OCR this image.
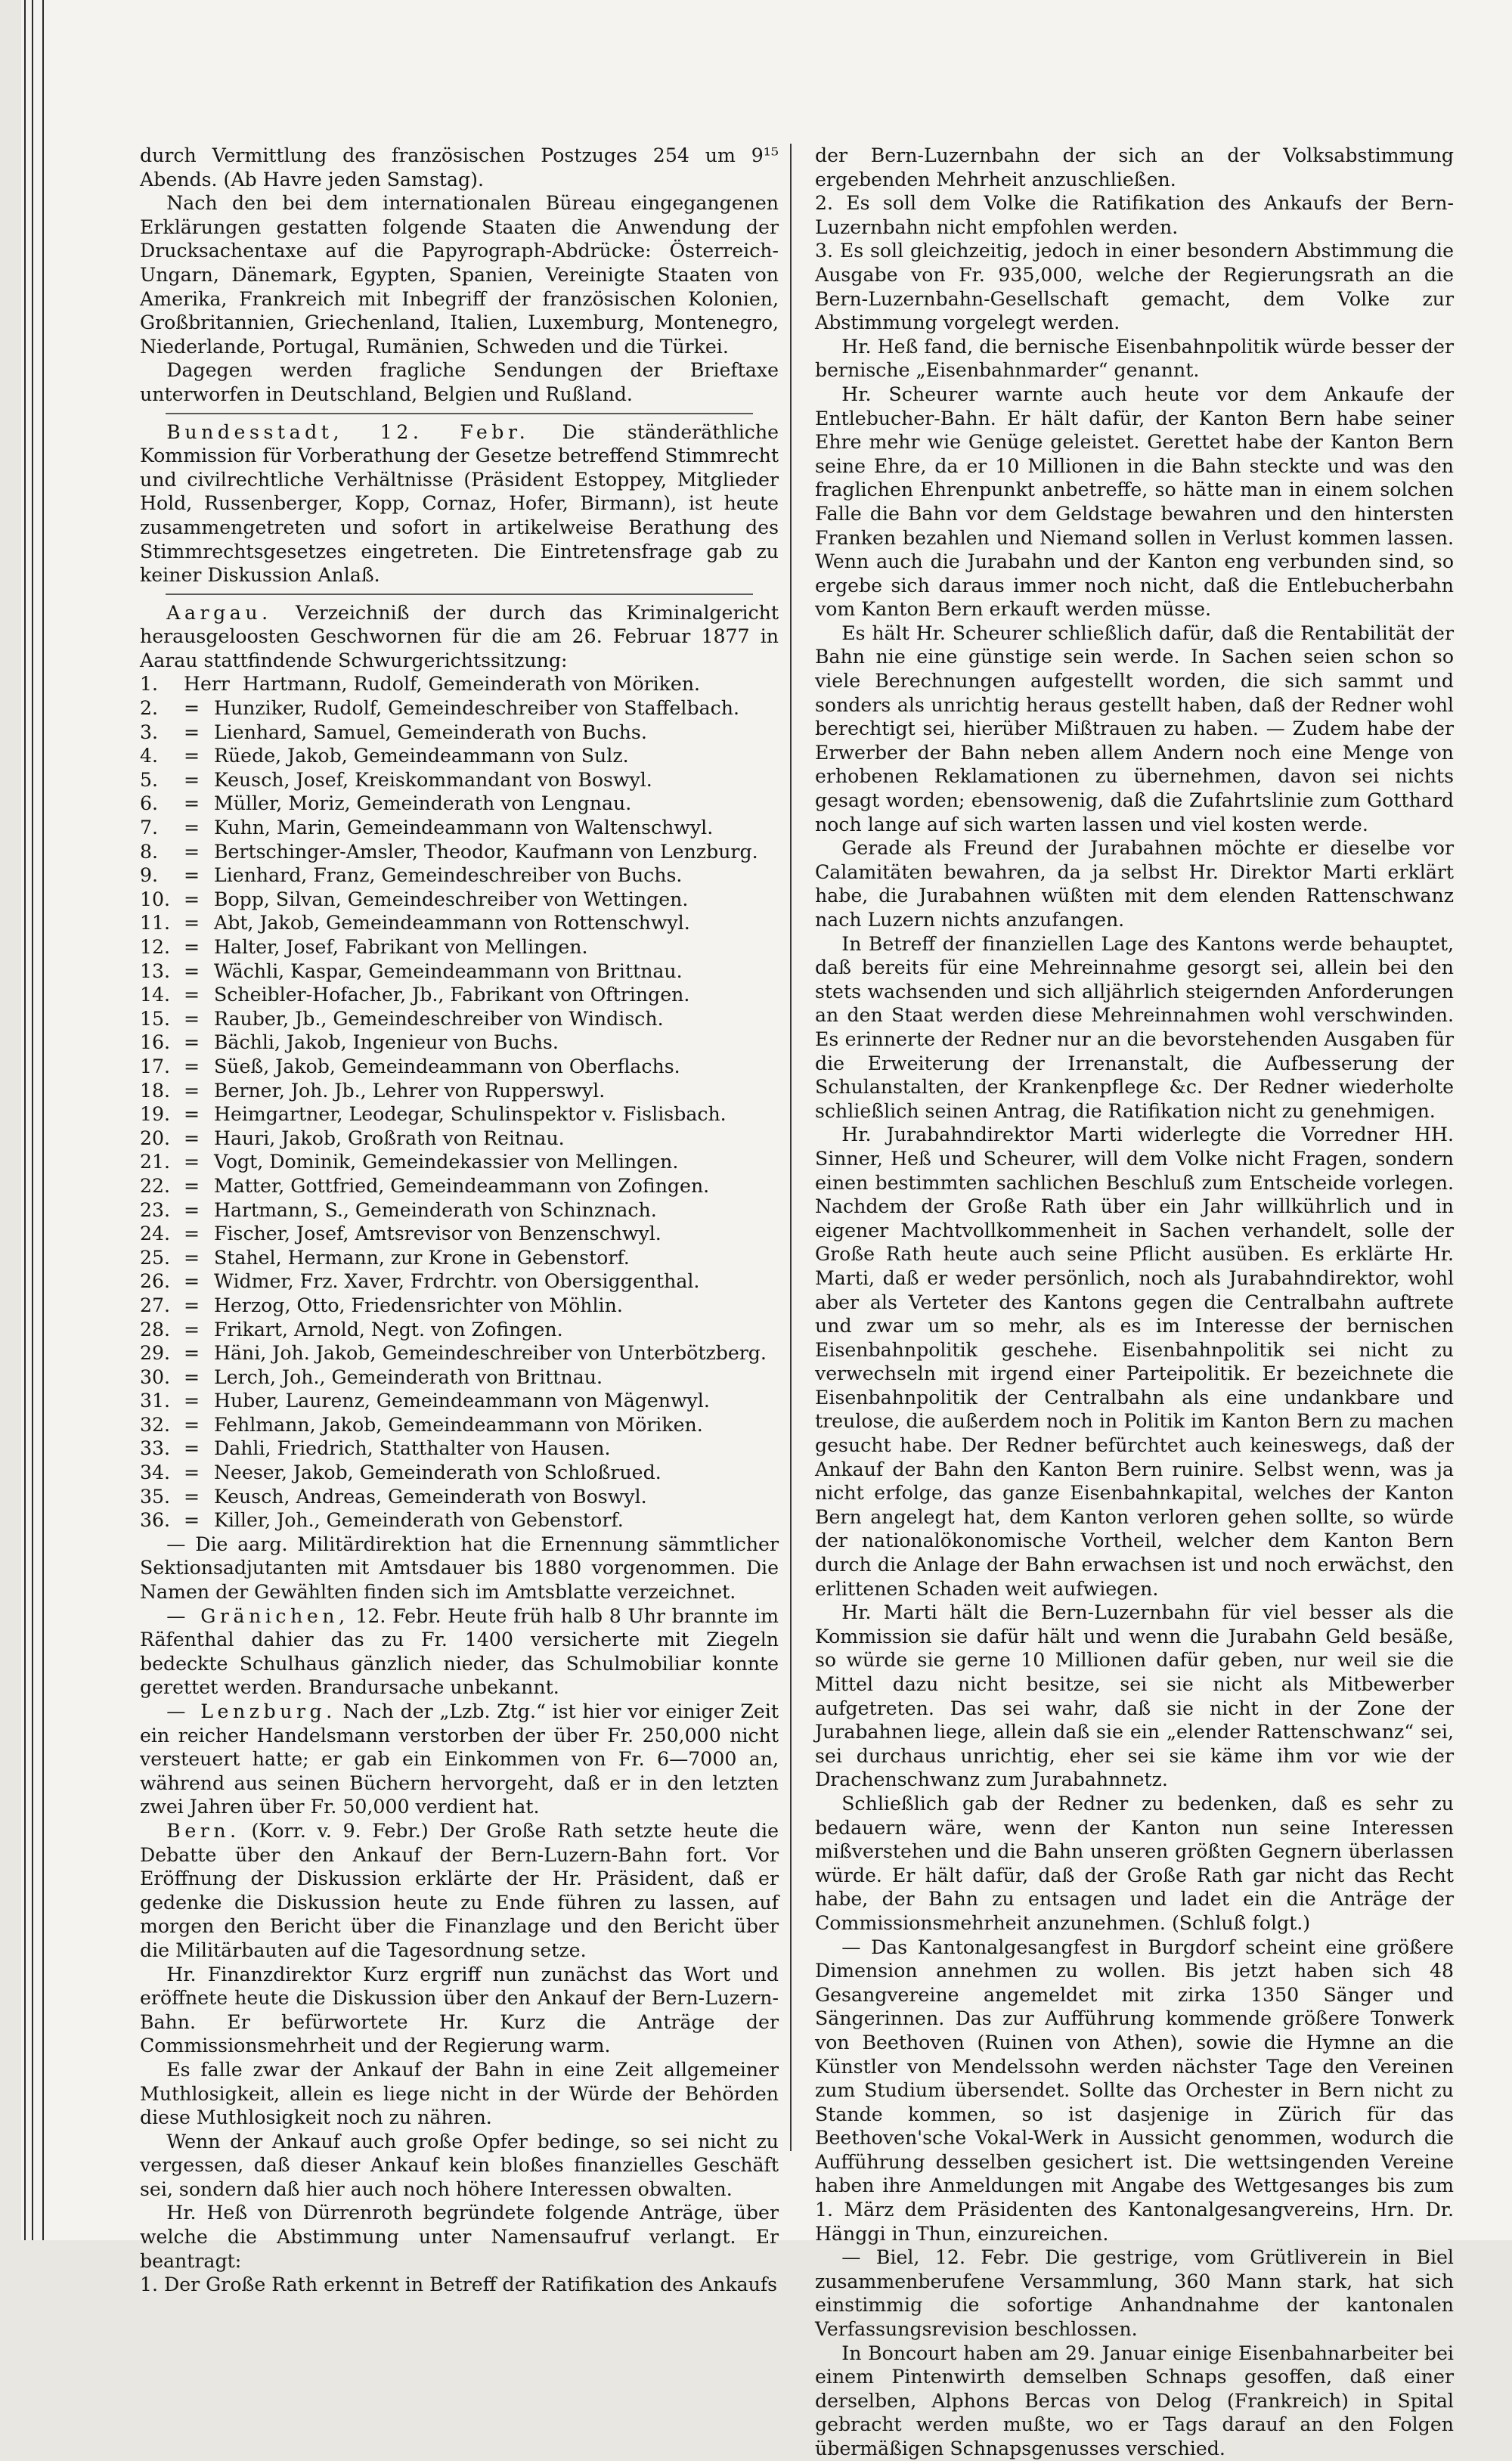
durch Vermittlung des französischen Postzuges 254 um 9¹⁵ Abends. (Ab Havre jeden Samstag).

Nach den bei dem internationalen Büreau eingegangenen Erklärungen gestatten folgende Staaten die Anwendung der Drucksachentaxe auf die Papyrograph-Abdrücke: Österreich-Ungarn, Dänemark, Egypten, Spanien, Vereinigte Staaten von Amerika, Frankreich mit Inbegriff der französischen Kolonien, Großbritannien, Griechenland, Italien, Luxemburg, Montenegro, Niederlande, Portugal, Rumänien, Schweden und die Türkei.

Dagegen werden fragliche Sendungen der Brieftaxe unterworfen in Deutschland, Belgien und Rußland.

Bundesstadt, 12. Febr. Die ständeräthliche Kommission für Vorberathung der Gesetze betreffend Stimmrecht und civilrechtliche Verhältnisse (Präsident Estoppey, Mitglieder Hold, Russenberger, Kopp, Cornaz, Hofer, Birmann), ist heute zusammengetreten und sofort in artikelweise Berathung des Stimmrechtsgesetzes eingetreten. Die Eintretensfrage gab zu keiner Diskussion Anlaß.

Aargau. Verzeichniß der durch das Kriminalgericht herausgeloosten Geschwornen für die am 26. Februar 1877 in Aarau stattfindende Schwurgerichtssitzung:

1.	Herr Hartmann, Rudolf, Gemeinderath von Möriken.
2.	= Hunziker, Rudolf, Gemeindeschreiber von Staffelbach.
3.	= Lienhard, Samuel, Gemeinderath von Buchs.
4.	= Rüede, Jakob, Gemeindeammann von Sulz.
5.	= Keusch, Josef, Kreiskommandant von Boswyl.
6.	= Müller, Moriz, Gemeinderath von Lengnau.
7.	= Kuhn, Marin, Gemeindeammann von Waltenschwyl.
8.	= Bertschinger-Amsler, Theodor, Kaufmann von Lenzburg.
9.	= Lienhard, Franz, Gemeindeschreiber von Buchs.
10. = Bopp, Silvan, Gemeindeschreiber von Wettingen.
11. = Abt, Jakob, Gemeindeammann von Rottenschwyl.
12. = Halter, Josef, Fabrikant von Mellingen.
13. = Wächli, Kaspar, Gemeindeammann von Brittnau.
14. = Scheibler-Hofacher, Jb., Fabrikant von Oftringen.
15. = Rauber, Jb., Gemeindeschreiber von Windisch.
16. = Bächli, Jakob, Ingenieur von Buchs.
17. = Süeß, Jakob, Gemeindeammann von Oberflachs.
18. = Berner, Joh. Jb., Lehrer von Rupperswyl.
19. = Heimgartner, Leodegar, Schulinspektor v. Fislisbach.
20. = Hauri, Jakob, Großrath von Reitnau.
21. = Vogt, Dominik, Gemeindekassier von Mellingen.
22. = Matter, Gottfried, Gemeindeammann von Zofingen.
23. = Hartmann, S., Gemeinderath von Schinznach.
24. = Fischer, Josef, Amtsrevisor von Benzenschwyl.
25. = Stahel, Hermann, zur Krone in Gebenstorf.
26. = Widmer, Frz. Xaver, Frdrchtr. von Obersiggenthal.
27. = Herzog, Otto, Friedensrichter von Möhlin.
28. = Frikart, Arnold, Negt. von Zofingen.
29. = Häni, Joh. Jakob, Gemeindeschreiber von Unterbötzberg.
30. = Lerch, Joh., Gemeinderath von Brittnau.
31. = Huber, Laurenz, Gemeindeammann von Mägenwyl.
32. = Fehlmann, Jakob, Gemeindeammann von Möriken.
33. = Dahli, Friedrich, Statthalter von Hausen.
34. = Neeser, Jakob, Gemeinderath von Schloßrued.
35. = Keusch, Andreas, Gemeinderath von Boswyl.
36. = Killer, Joh., Gemeinderath von Gebenstorf.

— Die aarg. Militärdirektion hat die Ernennung sämmtlicher Sektionsadjutanten mit Amtsdauer bis 1880 vorgenommen. Die Namen der Gewählten finden sich im Amtsblatte verzeichnet.

— Gränichen, 12. Febr. Heute früh halb 8 Uhr brannte im Räfenthal dahier das zu Fr. 1400 versicherte mit Ziegeln bedeckte Schulhaus gänzlich nieder, das Schulmobiliar konnte gerettet werden. Brandursache unbekannt.

— Lenzburg. Nach der „Lzb. Ztg.“ ist hier vor einiger Zeit ein reicher Handelsmann verstorben der über Fr. 250,000 nicht versteuert hatte; er gab ein Einkommen von Fr. 6—7000 an, während aus seinen Büchern hervorgeht, daß er in den letzten zwei Jahren über Fr. 50,000 verdient hat.

Bern. (Korr. v. 9. Febr.) Der Große Rath setzte heute die Debatte über den Ankauf der Bern-Luzern-Bahn fort. Vor Eröffnung der Diskussion erklärte der Hr. Präsident, daß er gedenke die Diskussion heute zu Ende führen zu lassen, auf morgen den Bericht über die Finanzlage und den Bericht über die Militärbauten auf die Tagesordnung setze.

Hr. Finanzdirektor Kurz ergriff nun zunächst das Wort und eröffnete heute die Diskussion über den Ankauf der Bern-Luzern-Bahn. Er befürwortete Hr. Kurz die Anträge der Commissionsmehrheit und der Regierung warm.

Es falle zwar der Ankauf der Bahn in eine Zeit allgemeiner Muthlosigkeit, allein es liege nicht in der Würde der Behörden diese Muthlosigkeit noch zu nähren.

Wenn der Ankauf auch große Opfer bedinge, so sei nicht zu vergessen, daß dieser Ankauf kein bloßes finanzielles Geschäft sei, sondern daß hier auch noch höhere Interessen obwalten.

Hr. Heß von Dürrenroth begründete folgende Anträge, über welche die Abstimmung unter Namensaufruf verlangt. Er beantragt:

1. Der Große Rath erkennt in Betreff der Ratifikation des Ankaufs

der Bern-Luzernbahn der sich an der Volksabstimmung ergebenden Mehrheit anzuschließen.

2. Es soll dem Volke die Ratifikation des Ankaufs der Bern-Luzernbahn nicht empfohlen werden.

3. Es soll gleichzeitig, jedoch in einer besondern Abstimmung die Ausgabe von Fr. 935,000, welche der Regierungsrath an die Bern-Luzernbahn-Gesellschaft gemacht, dem Volke zur Abstimmung vorgelegt werden.

Hr. Heß fand, die bernische Eisenbahnpolitik würde besser der bernische „Eisenbahnmarder“ genannt.

Hr. Scheurer warnte auch heute vor dem Ankaufe der Entlebucher-Bahn. Er hält dafür, der Kanton Bern habe seiner Ehre mehr wie Genüge geleistet. Gerettet habe der Kanton Bern seine Ehre, da er 10 Millionen in die Bahn steckte und was den fraglichen Ehrenpunkt anbetreffe, so hätte man in einem solchen Falle die Bahn vor dem Geldstage bewahren und den hintersten Franken bezahlen und Niemand sollen in Verlust kommen lassen. Wenn auch die Jurabahn und der Kanton eng verbunden sind, so ergebe sich daraus immer noch nicht, daß die Entlebucherbahn vom Kanton Bern erkauft werden müsse.

Es hält Hr. Scheurer schließlich dafür, daß die Rentabilität der Bahn nie eine günstige sein werde. In Sachen seien schon so viele Berechnungen aufgestellt worden, die sich sammt und sonders als unrichtig heraus gestellt haben, daß der Redner wohl berechtigt sei, hierüber Mißtrauen zu haben. — Zudem habe der Erwerber der Bahn neben allem Andern noch eine Menge von erhobenen Reklamationen zu übernehmen, davon sei nichts gesagt worden; ebensowenig, daß die Zufahrtslinie zum Gotthard noch lange auf sich warten lassen und viel kosten werde.

Gerade als Freund der Jurabahnen möchte er dieselbe vor Calamitäten bewahren, da ja selbst Hr. Direktor Marti erklärt habe, die Jurabahnen wüßten mit dem elenden Rattenschwanz nach Luzern nichts anzufangen.

In Betreff der finanziellen Lage des Kantons werde behauptet, daß bereits für eine Mehreinnahme gesorgt sei, allein bei den stets wachsenden und sich alljährlich steigernden Anforderungen an den Staat werden diese Mehreinnahmen wohl verschwinden. Es erinnerte der Redner nur an die bevorstehenden Ausgaben für die Erweiterung der Irrenanstalt, die Aufbesserung der Schulanstalten, der Krankenpflege &c. Der Redner wiederholte schließlich seinen Antrag, die Ratifikation nicht zu genehmigen.

Hr. Jurabahndirektor Marti widerlegte die Vorredner HH. Sinner, Heß und Scheurer, will dem Volke nicht Fragen, sondern einen bestimmten sachlichen Beschluß zum Entscheide vorlegen. Nachdem der Große Rath über ein Jahr willkührlich und in eigener Machtvollkommenheit in Sachen verhandelt, solle der Große Rath heute auch seine Pflicht ausüben. Es erklärte Hr. Marti, daß er weder persönlich, noch als Jurabahndirektor, wohl aber als Verteter des Kantons gegen die Centralbahn auftrete und zwar um so mehr, als es im Interesse der bernischen Eisenbahnpolitik geschehe. Eisenbahnpolitik sei nicht zu verwechseln mit irgend einer Parteipolitik. Er bezeichnete die Eisenbahnpolitik der Centralbahn als eine undankbare und treulose, die außerdem noch in Politik im Kanton Bern zu machen gesucht habe. Der Redner befürchtet auch keineswegs, daß der Ankauf der Bahn den Kanton Bern ruinire. Selbst wenn, was ja nicht erfolge, das ganze Eisenbahnkapital, welches der Kanton Bern angelegt hat, dem Kanton verloren gehen sollte, so würde der nationalökonomische Vortheil, welcher dem Kanton Bern durch die Anlage der Bahn erwachsen ist und noch erwächst, den erlittenen Schaden weit aufwiegen.

Hr. Marti hält die Bern-Luzernbahn für viel besser als die Kommission sie dafür hält und wenn die Jurabahn Geld besäße, so würde sie gerne 10 Millionen dafür geben, nur weil sie die Mittel dazu nicht besitze, sei sie nicht als Mitbewerber aufgetreten. Das sei wahr, daß sie nicht in der Zone der Jurabahnen liege, allein daß sie ein „elender Rattenschwanz“ sei, sei durchaus unrichtig, eher sei sie käme ihm vor wie der Drachenschwanz zum Jurabahnnetz.

Schließlich gab der Redner zu bedenken, daß es sehr zu bedauern wäre, wenn der Kanton nun seine Interessen mißverstehen und die Bahn unseren größten Gegnern überlassen würde. Er hält dafür, daß der Große Rath gar nicht das Recht habe, der Bahn zu entsagen und ladet ein die Anträge der Commissionsmehrheit anzunehmen. (Schluß folgt.)

— Das Kantonalgesangfest in Burgdorf scheint eine größere Dimension annehmen zu wollen. Bis jetzt haben sich 48 Gesangvereine angemeldet mit zirka 1350 Sänger und Sängerinnen. Das zur Aufführung kommende größere Tonwerk von Beethoven (Ruinen von Athen), sowie die Hymne an die Künstler von Mendelssohn werden nächster Tage den Vereinen zum Studium übersendet. Sollte das Orchester in Bern nicht zu Stande kommen, so ist dasjenige in Zürich für das Beethoven'sche Vokal-Werk in Aussicht genommen, wodurch die Aufführung desselben gesichert ist. Die wettsingenden Vereine haben ihre Anmeldungen mit Angabe des Wettgesanges bis zum 1. März dem Präsidenten des Kantonalgesangvereins, Hrn. Dr. Hänggi in Thun, einzureichen.

— Biel, 12. Febr. Die gestrige, vom Grütliverein in Biel zusammenberufene Versammlung, 360 Mann stark, hat sich einstimmig die sofortige Anhandnahme der kantonalen Verfassungsrevision beschlossen.

In Boncourt haben am 29. Januar einige Eisenbahnarbeiter bei einem Pintenwirth demselben Schnaps gesoffen, daß einer derselben, Alphons Bercas von Delog (Frankreich) in Spital gebracht werden mußte, wo er Tags darauf an den Folgen übermäßigen Schnapsgenusses verschied.
